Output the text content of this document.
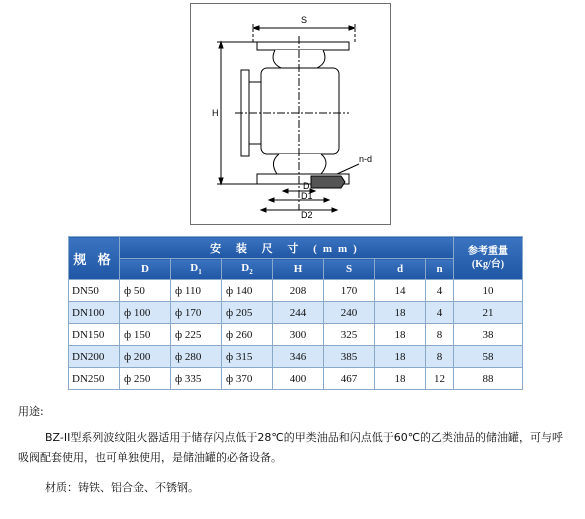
S
H
n-d
D
D1
D2
规 格	安 装 尺 寸 (mm)							参考重量
(Kg/台)

	D	$D_1$	$D_2$	H	S	d	n	
DN50	ф 50	ф 110	ф 140	208	170	14	4	10
DN100	ф 100	ф 170	ф 205	244	240	18	4	21
DN150	ф 150	ф 225	ф 260	300	325	18	8	38
DN200	ф 200	ф 280	ф 315	346	385	18	8	58
DN250	ф 250	ф 335	ф 370	400	467	18	12	88
用途:
BZ-II型系列波纹阻火器适用于储存闪点低于28℃的甲类油品和闪点低于60℃的乙类油品的储油罐，可与呼吸阀配套使用，也可单独使用，是储油罐的必备设备。
材质：铸铁、铝合金、不锈钢。
